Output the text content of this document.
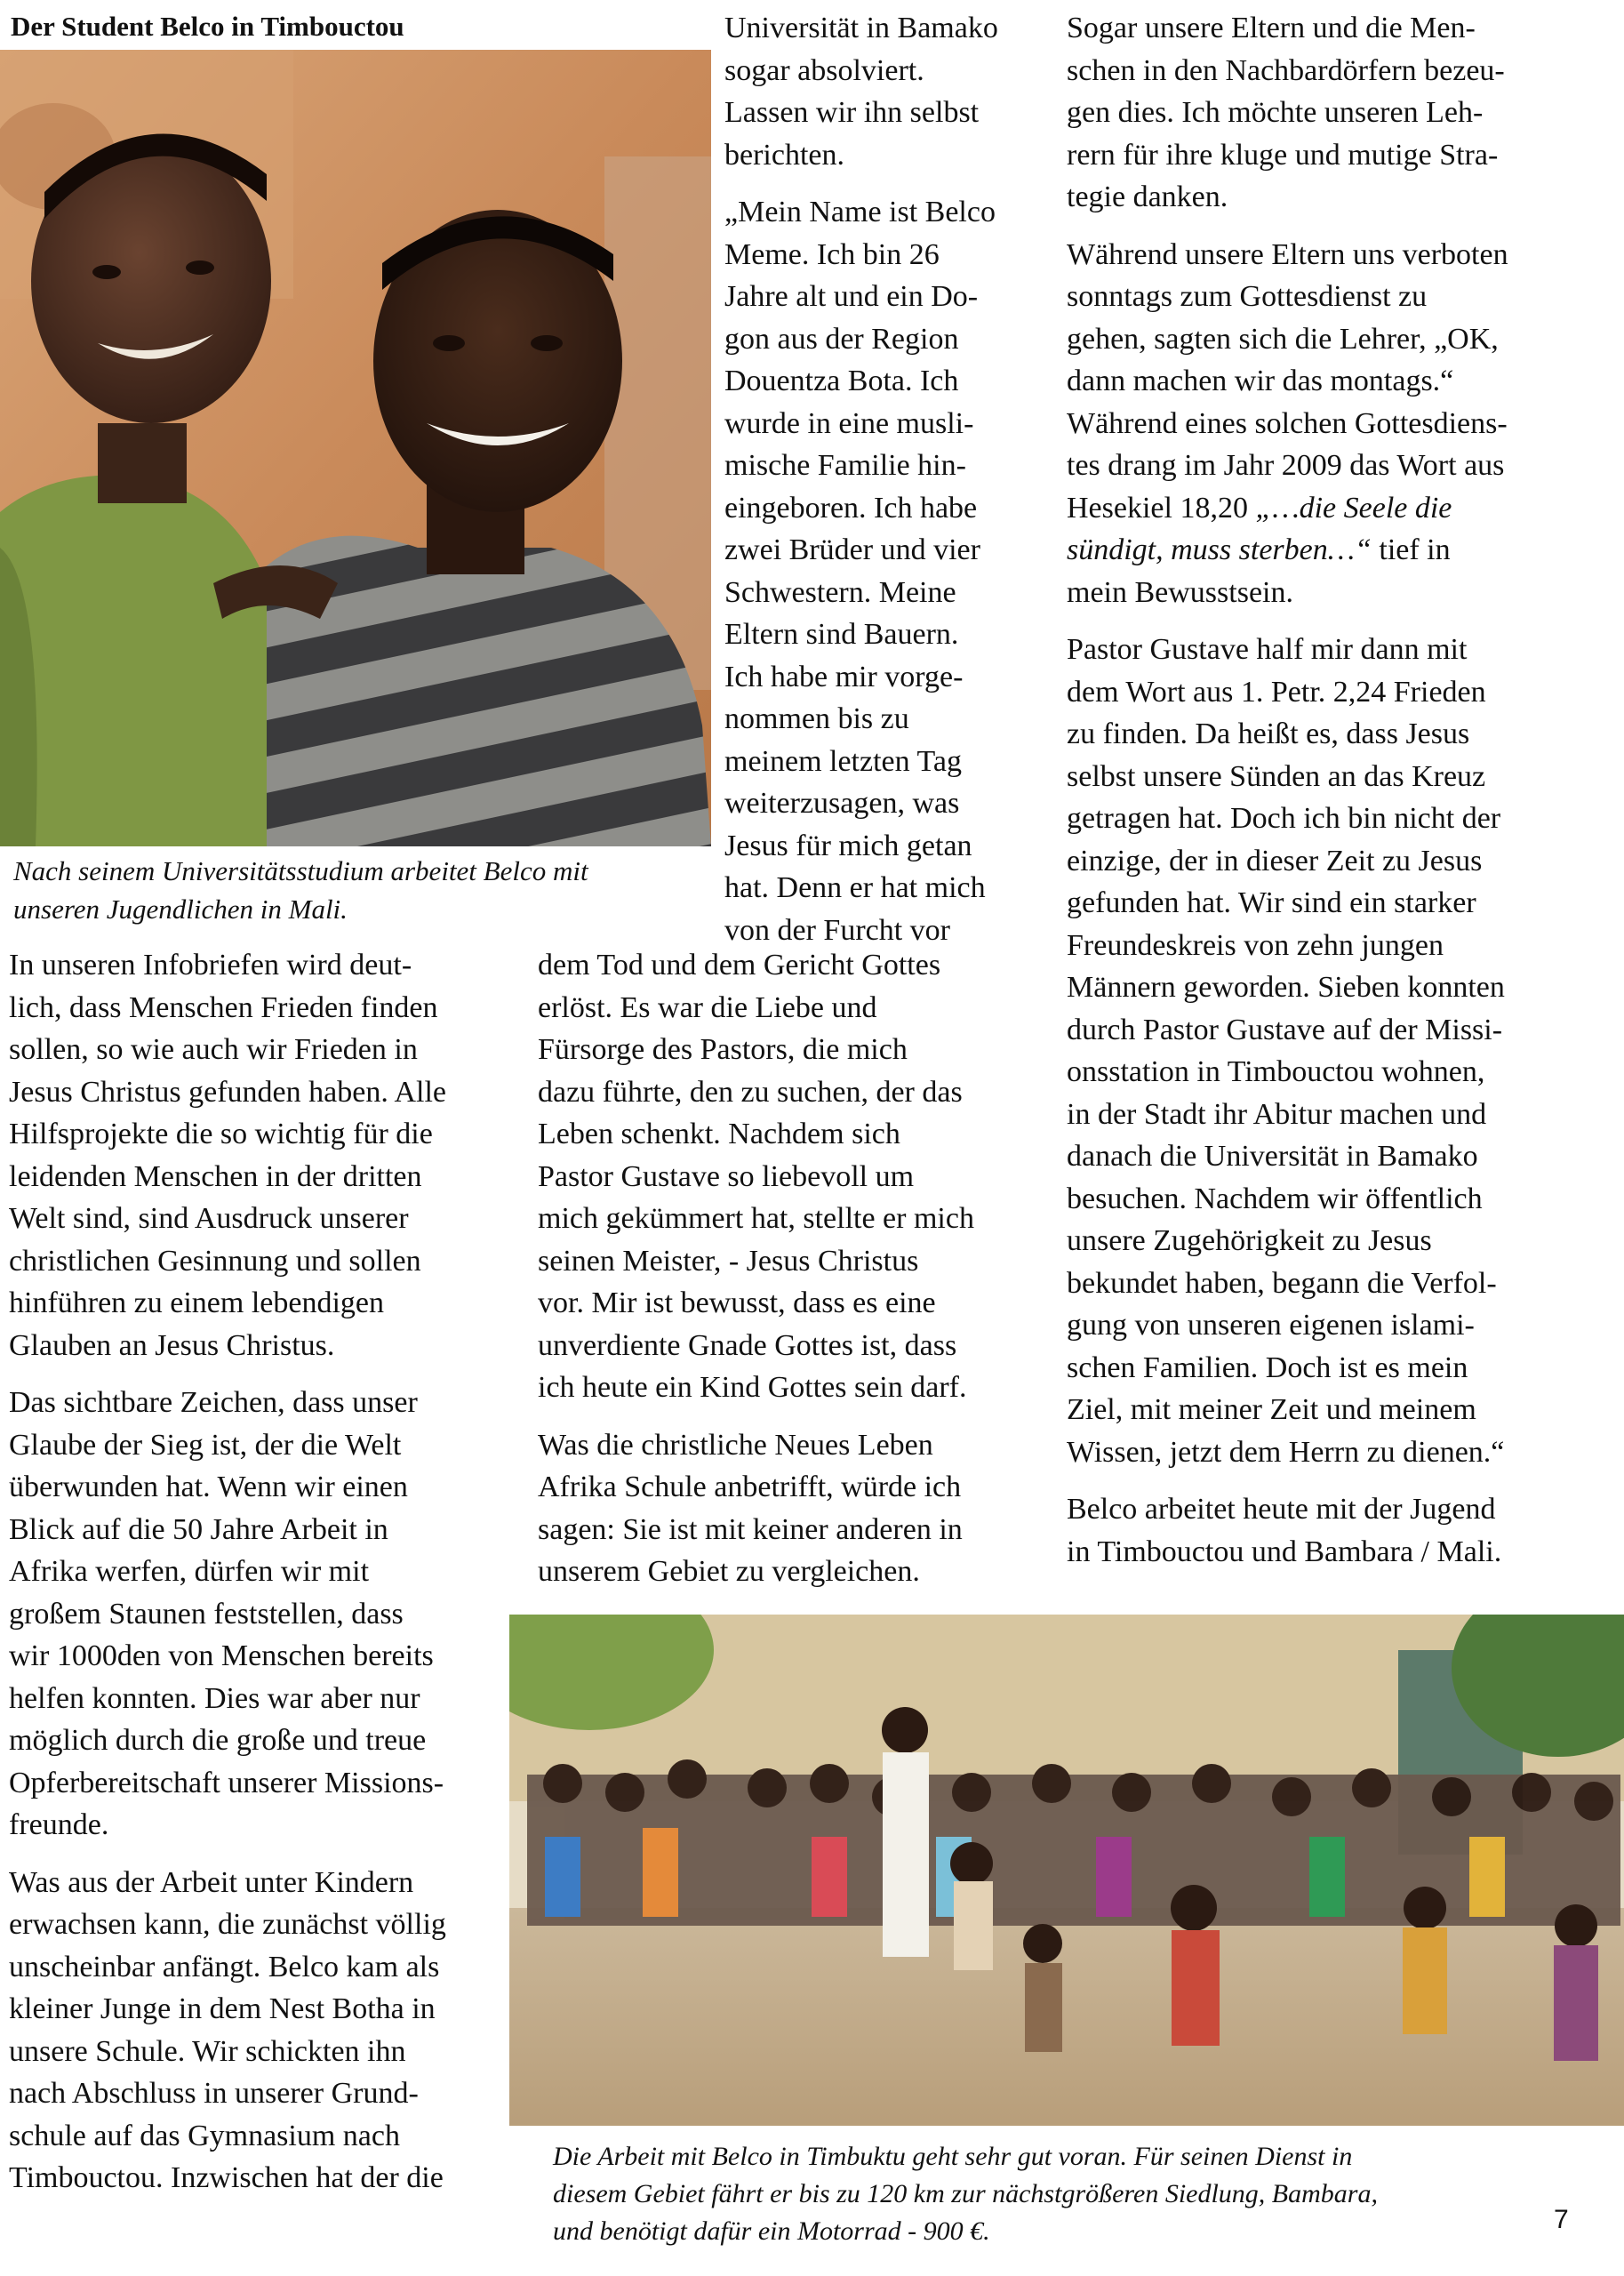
Der Student Belco in Timbouctou
Nach seinem Universitätsstudium arbeitet Belco mit
unseren Jugendlichen in Mali.

In unseren Infobriefen wird deut-
lich, dass Menschen Frieden finden
sollen, so wie auch wir Frieden in
Jesus Christus gefunden haben. Alle
Hilfsprojekte die so wichtig für die
leidenden Menschen in der dritten
Welt sind, sind Ausdruck unserer
christlichen Gesinnung und sollen
hinführen zu einem lebendigen
Glauben an Jesus Christus.

Das sichtbare Zeichen, dass unser
Glaube der Sieg ist, der die Welt
überwunden hat. Wenn wir einen
Blick auf die 50 Jahre Arbeit in
Afrika werfen, dürfen wir mit
großem Staunen feststellen, dass
wir 1000den von Menschen bereits
helfen konnten. Dies war aber nur
möglich durch die große und treue
Opferbereitschaft unserer Missions-
freunde.

Was aus der Arbeit unter Kindern
erwachsen kann, die zunächst völlig
unscheinbar anfängt. Belco kam als
kleiner Junge in dem Nest Botha in
unsere Schule. Wir schickten ihn
nach Abschluss in unserer Grund-
schule auf das Gymnasium nach
Timbouctou. Inzwischen hat der die

Universität in Bamako
sogar absolviert.
Lassen wir ihn selbst
berichten.

„Mein Name ist Belco
Meme. Ich bin 26
Jahre alt und ein Do-
gon aus der Region
Douentza Bota. Ich
wurde in eine musli-
mische Familie hin-
eingeboren. Ich habe
zwei Brüder und vier
Schwestern. Meine
Eltern sind Bauern.
Ich habe mir vorge-
nommen bis zu
meinem letzten Tag
weiterzusagen, was
Jesus für mich getan
hat. Denn er hat mich
von der Furcht vor

dem Tod und dem Gericht Gottes
erlöst. Es war die Liebe und
Fürsorge des Pastors, die mich
dazu führte, den zu suchen, der das
Leben schenkt. Nachdem sich
Pastor Gustave so liebevoll um
mich gekümmert hat, stellte er mich
seinen Meister, - Jesus Christus
vor. Mir ist bewusst, dass es eine
unverdiente Gnade Gottes ist, dass
ich heute ein Kind Gottes sein darf.

Was die christliche Neues Leben
Afrika Schule anbetrifft, würde ich
sagen: Sie ist mit keiner anderen in
unserem Gebiet zu vergleichen.

Sogar unsere Eltern und die Men-
schen in den Nachbardörfern bezeu-
gen dies. Ich möchte unseren Leh-
rern für ihre kluge und mutige Stra-
tegie danken.

Während unsere Eltern uns verboten
sonntags zum Gottesdienst zu
gehen, sagten sich die Lehrer, „OK,
dann machen wir das montags.“
Während eines solchen Gottesdiens-
tes drang im Jahr 2009 das Wort aus
Hesekiel 18,20 „…die Seele die
sündigt, muss sterben…“ tief in
mein Bewusstsein.

Pastor Gustave half mir dann mit
dem Wort aus 1. Petr. 2,24 Frieden
zu finden. Da heißt es, dass Jesus
selbst unsere Sünden an das Kreuz
getragen hat. Doch ich bin nicht der
einzige, der in dieser Zeit zu Jesus
gefunden hat. Wir sind ein starker
Freundeskreis von zehn jungen
Männern geworden. Sieben konnten
durch Pastor Gustave auf der Missi-
onsstation in Timbouctou wohnen,
in der Stadt ihr Abitur machen und
danach die Universität in Bamako
besuchen. Nachdem wir öffentlich
unsere Zugehörigkeit zu Jesus
bekundet haben, begann die Verfol-
gung von unseren eigenen islami-
schen Familien. Doch ist es mein
Ziel, mit meiner Zeit und meinem
Wissen, jetzt dem Herrn zu dienen.“

Belco arbeitet heute mit der Jugend
in Timbouctou und Bambara / Mali.

Die Arbeit mit Belco in Timbuktu geht sehr gut voran. Für seinen Dienst in
diesem Gebiet fährt er bis zu 120 km zur nächstgrößeren Siedlung, Bambara,
und benötigt dafür ein Motorrad - 900 €.	7
